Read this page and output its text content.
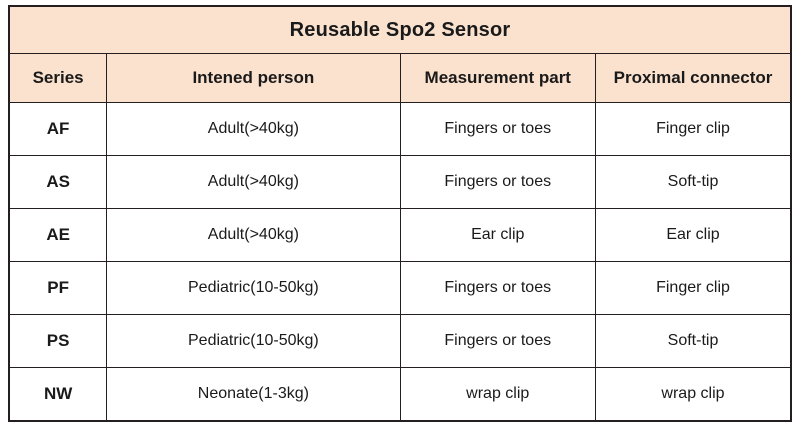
Reusable Spo2 Sensor			
Series	Intened person	Measurement part	Proximal connector
AF	Adult(>40kg)	Fingers or toes	Finger clip
AS	Adult(>40kg)	Fingers or toes	Soft-tip
AE	Adult(>40kg)	Ear clip	Ear clip
PF	Pediatric(10-50kg)	Fingers or toes	Finger clip
PS	Pediatric(10-50kg)	Fingers or toes	Soft-tip
NW	Neonate(1-3kg)	wrap clip	wrap clip
